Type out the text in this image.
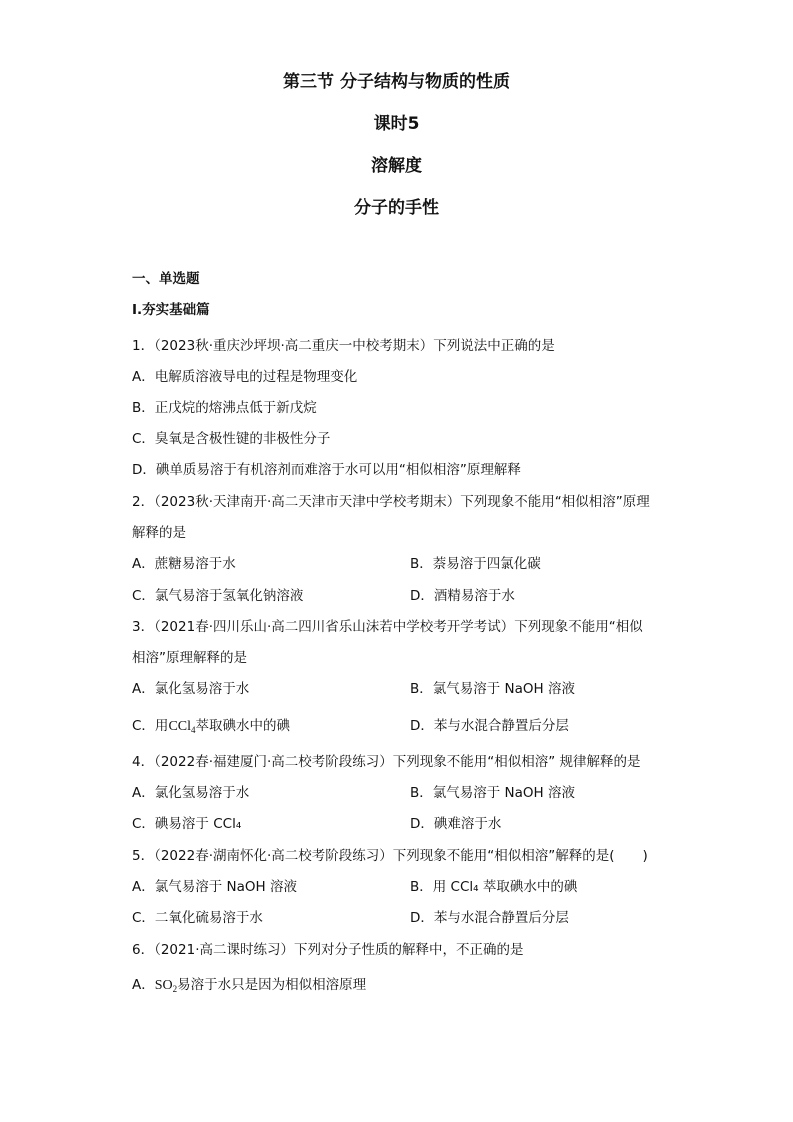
第三节 分子结构与物质的性质
课时5
溶解度
分子的手性
一、单选题
Ⅰ.夯实基础篇
1．（2023秋·重庆沙坪坝·高二重庆一中校考期末）下列说法中正确的是
A．电解质溶液导电的过程是物理变化
B．正戊烷的熔沸点低于新戊烷
C．臭氧是含极性键的非极性分子
D．碘单质易溶于有机溶剂而难溶于水可以用“相似相溶”原理解释
2．（2023秋·天津南开·高二天津市天津中学校考期末）下列现象不能用“相似相溶”原理
解释的是
A．蔗糖易溶于水	B．萘易溶于四氯化碳
C．氯气易溶于氢氧化钠溶液	D．酒精易溶于水
3．（2021春·四川乐山·高二四川省乐山沫若中学校考开学考试）下列现象不能用“相似
相溶”原理解释的是
A．氯化氢易溶于水	B．氯气易溶于 NaOH 溶液
C．用CCl$_4$萃取碘水中的碘	D．苯与水混合静置后分层
4．（2022春·福建厦门·高二校考阶段练习）下列现象不能用“相似相溶” 规律解释的是
A．氯化氢易溶于水	B．氯气易溶于 NaOH 溶液
C．碘易溶于 CCl₄	D．碘难溶于水
5．（2022春·湖南怀化·高二校考阶段练习）下列现象不能用“相似相溶”解释的是( )
A．氯气易溶于 NaOH 溶液	B．用 CCl₄ 萃取碘水中的碘
C．二氧化硫易溶于水	D．苯与水混合静置后分层
6．（2021·高二课时练习）下列对分子性质的解释中，不正确的是
A．$SO_2$易溶于水只是因为相似相溶原理
